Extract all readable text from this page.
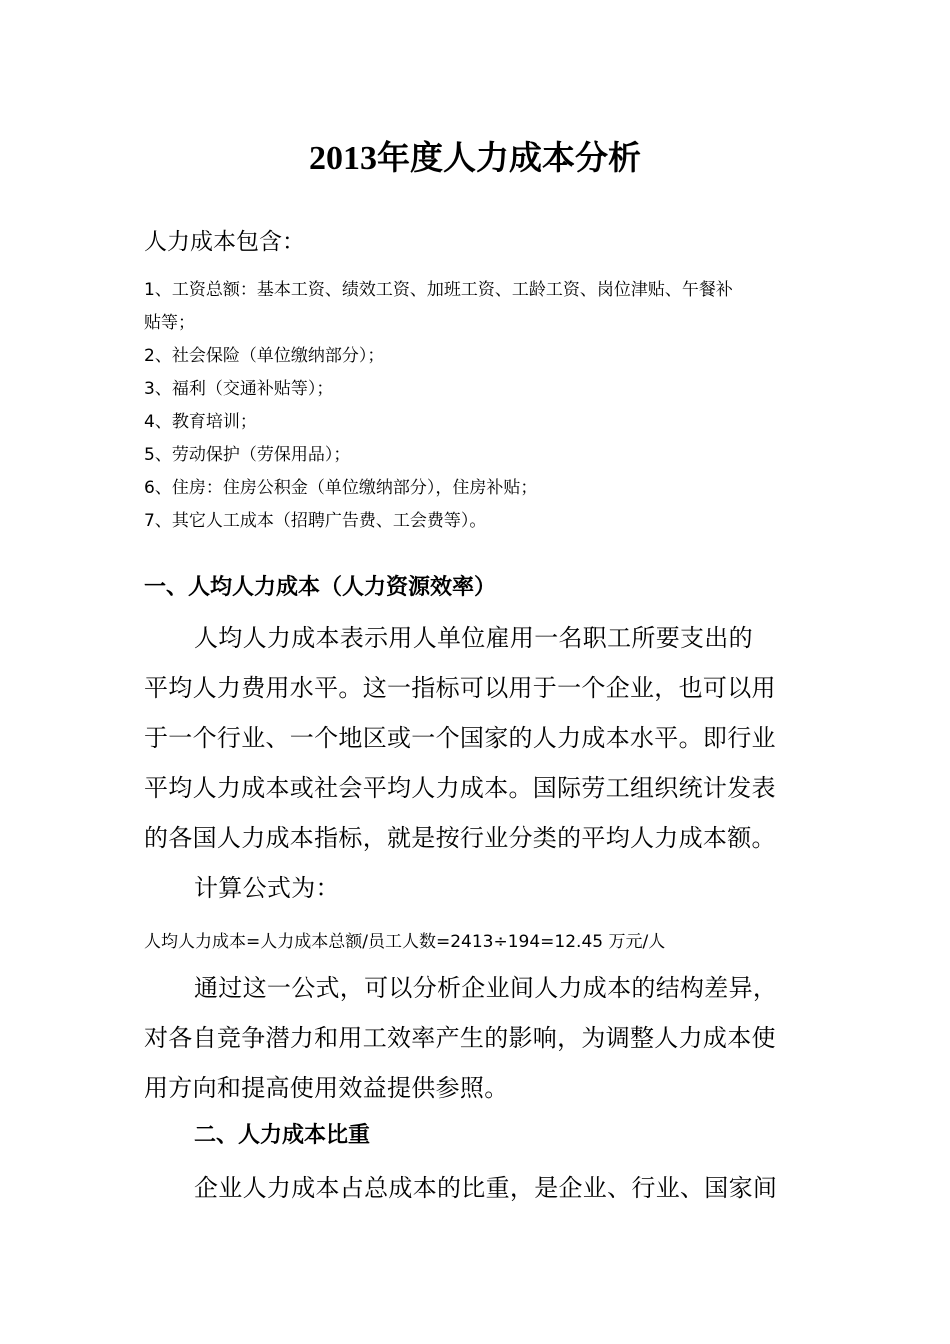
2013年度人力成本分析
人力成本包含：
1、工资总额：基本工资、绩效工资、加班工资、工龄工资、岗位津贴、午餐补
贴等；
2、社会保险（单位缴纳部分）；
3、福利（交通补贴等）；
4、教育培训；
5、劳动保护（劳保用品）；
6、住房：住房公积金（单位缴纳部分），住房补贴；
7、其它人工成本（招聘广告费、工会费等）。
一、人均人力成本（人力资源效率）

人均人力成本表示用人单位雇用一名职工所要支出的

平均人力费用水平。这一指标可以用于一个企业，也可以用

于一个行业、一个地区或一个国家的人力成本水平。即行业

平均人力成本或社会平均人力成本。国际劳工组织统计发表

的各国人力成本指标，就是按行业分类的平均人力成本额。

计算公式为：

人均人力成本=人力成本总额/员工人数=2413÷194=12.45 万元/人

通过这一公式，可以分析企业间人力成本的结构差异，

对各自竞争潜力和用工效率产生的影响，为调整人力成本使

用方向和提高使用效益提供参照。

二、人力成本比重

企业人力成本占总成本的比重，是企业、行业、国家间
